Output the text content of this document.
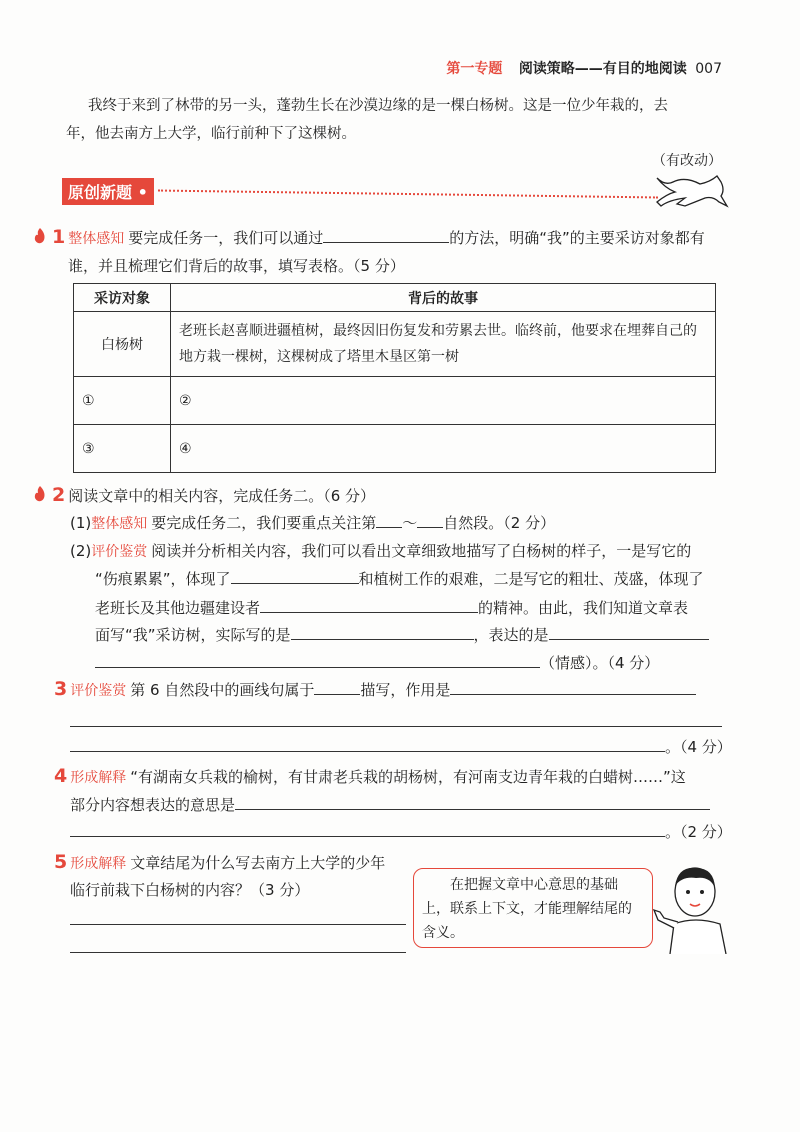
第一专题 阅读策略——有目的地阅读 007
我终于来到了林带的另一头，蓬勃生长在沙漠边缘的是一棵白杨树。这是一位少年栽的，去
年，他去南方上大学，临行前种下了这棵树。
（有改动）
原创新题 •
1 整体感知 要完成任务一，我们可以通过	的方法，明确“我”的主要采访对象都有
谁，并且梳理它们背后的故事，填写表格。（5 分）
采访对象	背后的故事
白杨树	老班长赵喜顺进疆植树，最终因旧伤复发和劳累去世。临终前，他要求在埋葬自己的地方栽一棵树，这棵树成了塔里木垦区第一树
①	②
③	④
2 阅读文章中的相关内容，完成任务二。（6 分）
(1)整体感知 要完成任务二，我们要重点关注第 ～ 自然段。（2 分）
(2)评价鉴赏 阅读并分析相关内容，我们可以看出文章细致地描写了白杨树的样子，一是写它的
“伤痕累累”，体现了	和植树工作的艰难，二是写它的粗壮、茂盛，体现了
老班长及其他边疆建设者	的精神。由此，我们知道文章表
面写“我”采访树，实际写的是	，表达的是
（情感）。（4 分）
3 评价鉴赏 第 6 自然段中的画线句属于	描写，作用是
。（4 分）
4 形成解释 “有湖南女兵栽的榆树，有甘肃老兵栽的胡杨树，有河南支边青年栽的白蜡树……”这
部分内容想表达的意思是
。（2 分）
5 形成解释 文章结尾为什么写去南方上大学的少年
临行前栽下白杨树的内容？（3 分）	　　在把握文章中心意思的基础上，联系上下文，才能理解结尾的含义。
